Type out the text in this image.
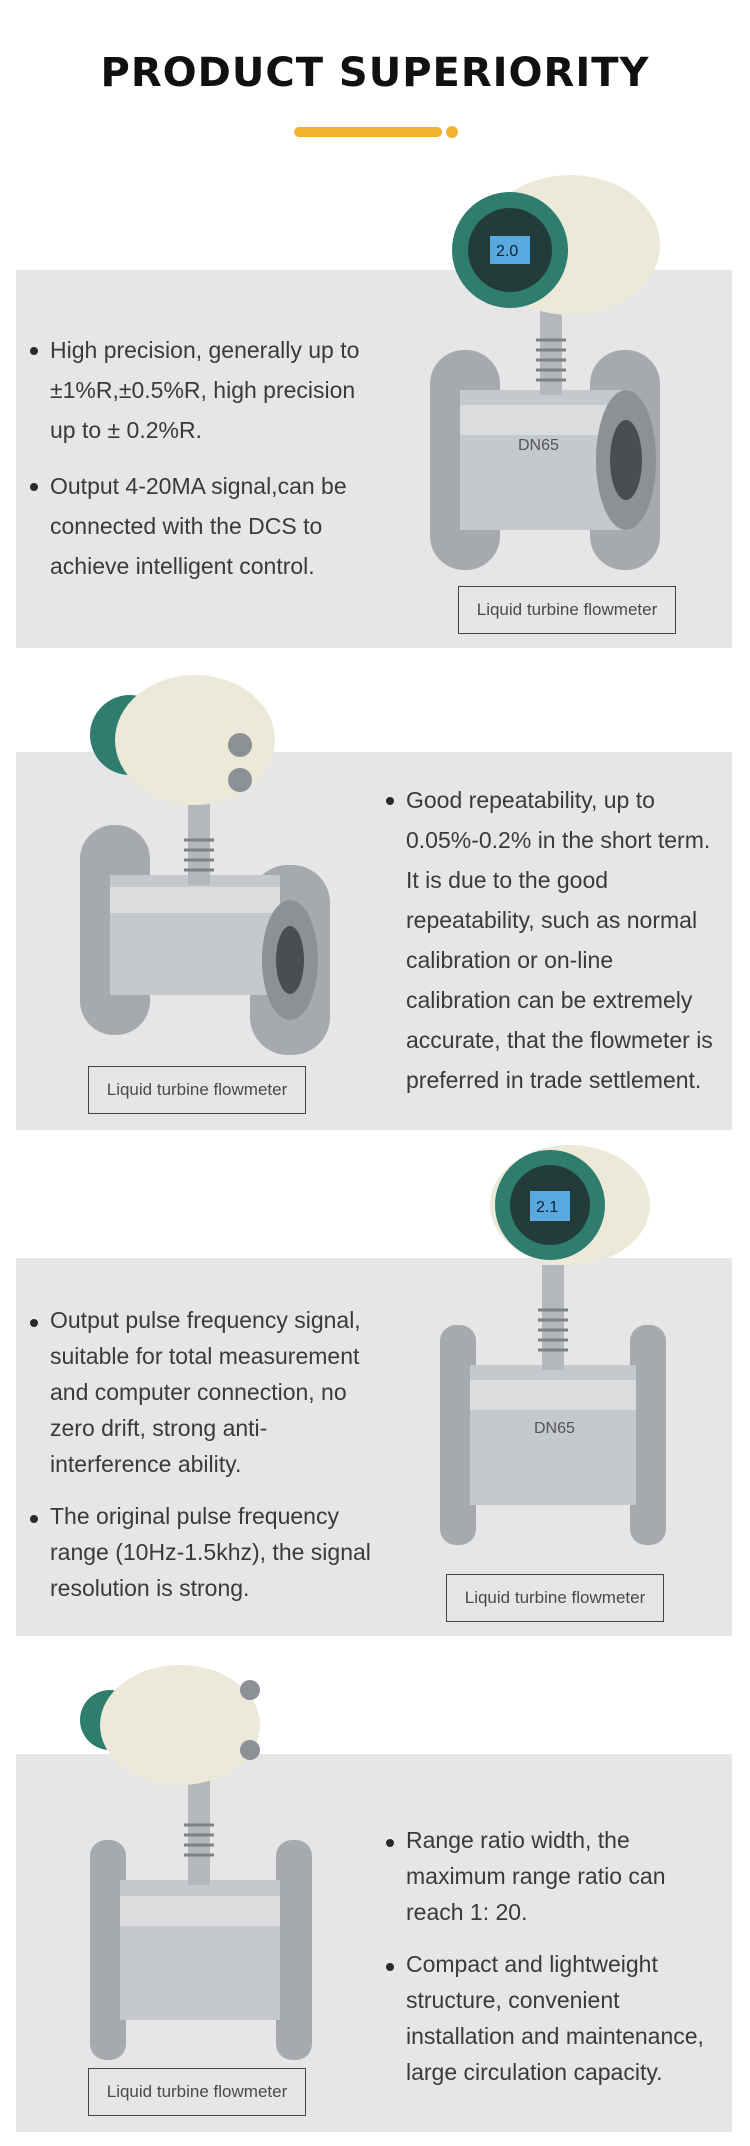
PRODUCT SUPERIORITY
High precision, generally up to ±1%R,±0.5%R, high precision up to ± 0.2%R.
Output 4-20MA signal,can be connected with the DCS to achieve intelligent control.
DN65
2.0
Liquid turbine flowmeter
Liquid turbine flowmeter
Good repeatability, up to 0.05%-0.2% in the short term. It is due to the good repeatability, such as normal calibration or on-line calibration can be extremely accurate, that the flowmeter is preferred in trade settlement.
Output pulse frequency signal, suitable for total measurement and computer connection, no zero drift, strong anti-interference ability.
The original pulse frequency range (10Hz-1.5khz), the signal resolution is strong.
DN65
2.1
Liquid turbine flowmeter
Liquid turbine flowmeter
Range ratio width, the maximum range ratio can reach 1: 20.
Compact and lightweight structure, convenient installation and maintenance, large circulation capacity.
